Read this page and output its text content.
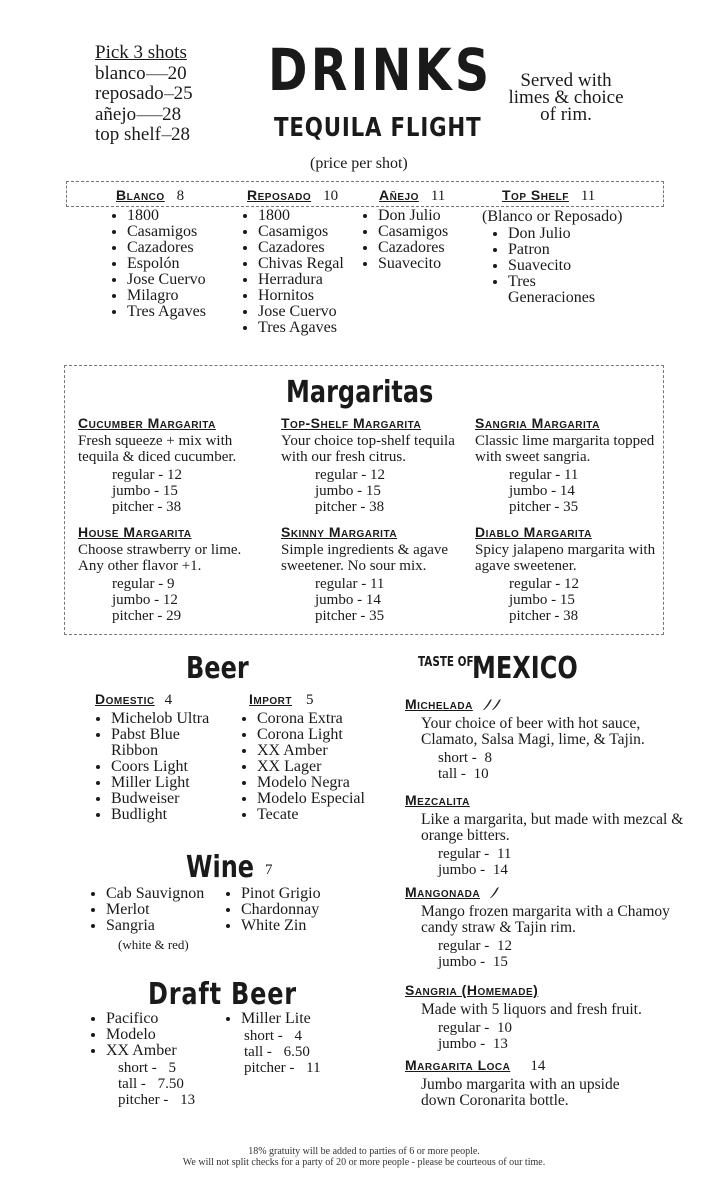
Pick 3 shots
blanco-----------20
reposado-----25
añejo-------------28
top shelf-----28
DRINKS
TEQUILA FLIGHT
Served with limes & choice of rim.
(price per shot)
Blanco 8
• 1800
• Casamigos
• Cazadores
• Espolón
• Jose Cuervo
• Milagro
• Tres Agaves
Reposado 10
• 1800
• Casamigos
• Cazadores
• Chivas Regal
• Herradura
• Hornitos
• Jose Cuervo
• Tres Agaves
Añejo 11
• Don Julio
• Casamigos
• Cazadores
• Suavecito
Top Shelf 11
(Blanco or Reposado)
• Don Julio
• Patron
• Suavecito
• Tres Generaciones
Margaritas
Cucumber Margarita
Fresh squeeze + mix with tequila & diced cucumber.
regular - 12
jumbo - 15
pitcher - 38
Top-Shelf Margarita
Your choice top-shelf tequila with our fresh citrus.
regular - 12
jumbo - 15
pitcher - 38
Sangria Margarita
Classic lime margarita topped with sweet sangria.
regular - 11
jumbo - 14
pitcher - 35
House Margarita
Choose strawberry or lime. Any other flavor +1.
regular - 9
jumbo - 12
pitcher - 29
Skinny Margarita
Simple ingredients & agave sweetener. No sour mix.
regular - 11
jumbo - 14
pitcher - 35
Diablo Margarita
Spicy jalapeno margarita with agave sweetener.
regular - 12
jumbo - 15
pitcher - 38
Beer
Domestic 4
• Michelob Ultra
• Pabst Blue Ribbon
• Coors Light
• Miller Light
• Budweiser
• Budlight
Import 5
• Corona Extra
• Corona Light
• XX Amber
• XX Lager
• Modelo Negra
• Modelo Especial
• Tecate
Wine 7
• Cab Sauvignon
• Merlot
• Sangria
(white & red)
• Pinot Grigio
• Chardonnay
• White Zin
Draft Beer
• Pacifico
• Modelo
• XX Amber
short - 5
tall - 7.50
pitcher - 13
• Miller Lite
short - 4
tall - 6.50
pitcher - 11
TASTE OF
MEXICO
Michelada
Your choice of beer with hot sauce, Clamato, Salsa Magi, lime, & Tajin.
short - 8
tall - 10
Mezcalita
Like a margarita, but made with mezcal & orange bitters.
regular - 11
jumbo - 14
Mangonada
Mango frozen margarita with a Chamoy candy straw & Tajin rim.
regular - 12
jumbo - 15
Sangria (Homemade)
Made with 5 liquors and fresh fruit.
regular - 10
jumbo - 13
Margarita Loca 14
Jumbo margarita with an upside down Coronarita bottle.
18% gratuity will be added to parties of 6 or more people.
We will not split checks for a party of 20 or more people - please be courteous of our time.
